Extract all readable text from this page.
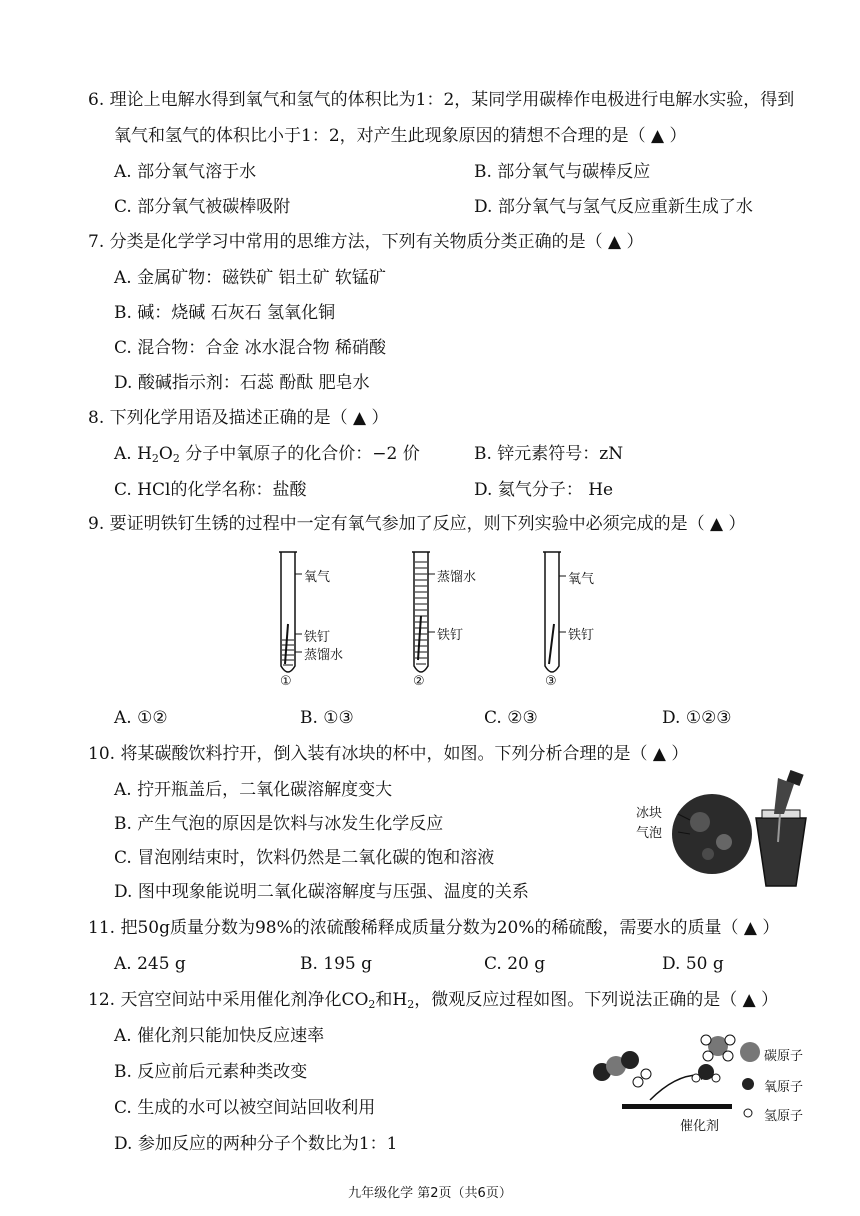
6. 理论上电解水得到氧气和氢气的体积比为1：2，某同学用碳棒作电极进行电解水实验，得到
氧气和氢气的体积比小于1：2，对产生此现象原因的猜想不合理的是（ ▲ ）
A. 部分氧气溶于水	B. 部分氧气与碳棒反应
C. 部分氧气被碳棒吸附	D. 部分氧气与氢气反应重新生成了水
7. 分类是化学学习中常用的思维方法，下列有关物质分类正确的是（ ▲ ）
A. 金属矿物：磁铁矿 铝土矿 软锰矿
B. 碱：烧碱 石灰石 氢氧化铜
C. 混合物：合金 冰水混合物 稀硝酸
D. 酸碱指示剂：石蕊 酚酞 肥皂水
8. 下列化学用语及描述正确的是（ ▲ ）
A. $H_2O_2$ 分子中氧原子的化合价：−2 价	B. 锌元素符号：zN
C. HCl的化学名称：盐酸	D. 氦气分子： He
9. 要证明铁钉生锈的过程中一定有氧气参加了反应，则下列实验中必须完成的是（ ▲ ）
氧气
铁钉
蒸馏水
蒸馏水
铁钉
氧气
铁钉
①	②	③
A. ①②	B. ①③	C. ②③	D. ①②③
10. 将某碳酸饮料拧开，倒入装有冰块的杯中，如图。下列分析合理的是（ ▲ ）
A. 拧开瓶盖后，二氧化碳溶解度变大
B. 产生气泡的原因是饮料与冰发生化学反应
C. 冒泡刚结束时，饮料仍然是二氧化碳的饱和溶液
D. 图中现象能说明二氧化碳溶解度与压强、温度的关系
冰块
气泡
11. 把50g质量分数为98%的浓硫酸稀释成质量分数为20%的稀硫酸，需要水的质量（ ▲ ）
A. 245 g	B. 195 g	C. 20 g	D. 50 g
12. 天宫空间站中采用催化剂净化$CO_2$和$H_2$，微观反应过程如图。下列说法正确的是（ ▲ ）
A. 催化剂只能加快反应速率
B. 反应前后元素种类改变
C. 生成的水可以被空间站回收利用
D. 参加反应的两种分子个数比为1：1
催化剂
碳原子
氧原子
氢原子
九年级化学 第2页（共6页）
